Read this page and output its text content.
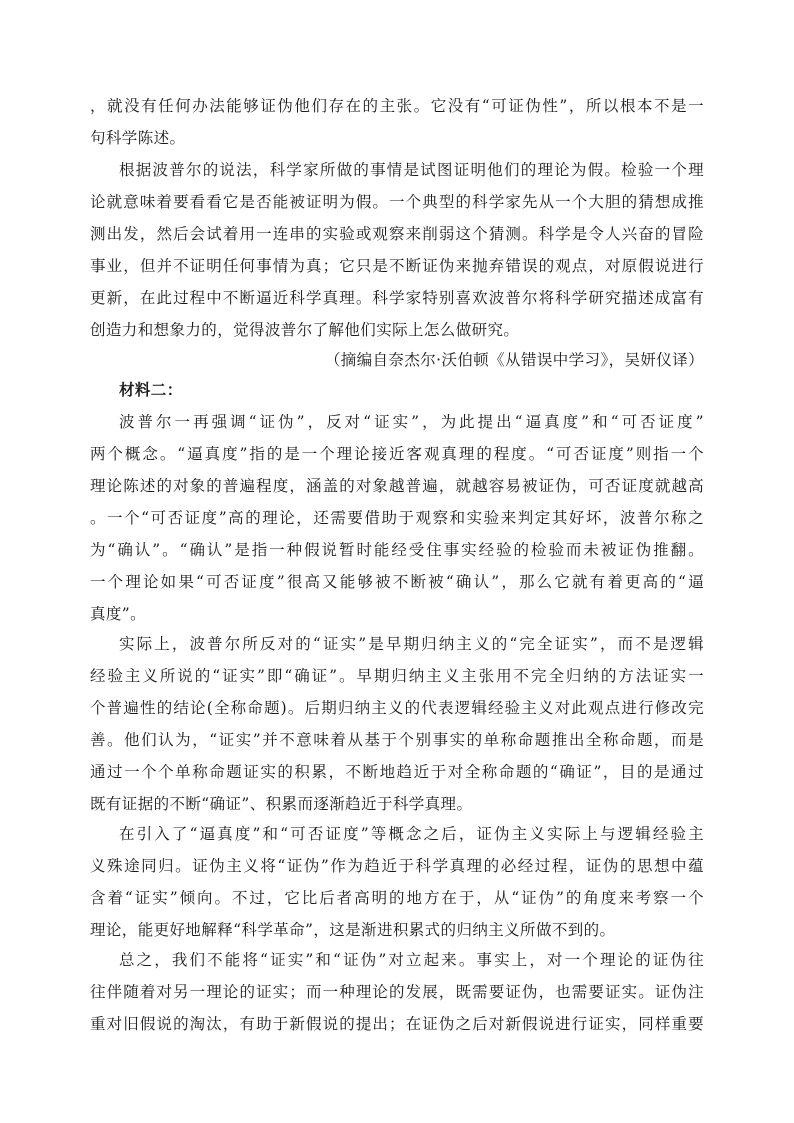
，就没有任何办法能够证伪他们存在的主张。它没有“可证伪性”，所以根本不是一
句科学陈述。
根据波普尔的说法，科学家所做的事情是试图证明他们的理论为假。检验一个理
论就意味着要看看它是否能被证明为假。一个典型的科学家先从一个大胆的猜想成推
测出发，然后会试着用一连串的实验或观察来削弱这个猜测。科学是令人兴奋的冒险
事业，但并不证明任何事情为真；它只是不断证伪来抛弃错误的观点，对原假说进行
更新，在此过程中不断逼近科学真理。科学家特别喜欢波普尔将科学研究描述成富有
创造力和想象力的，觉得波普尔了解他们实际上怎么做研究。
（摘编自奈杰尔·沃伯顿《从错误中学习》，吴妍仪译）
材料二：
波普尔一再强调“证伪”，反对“证实”，为此提出“逼真度”和“可否证度”
两个概念。“逼真度”指的是一个理论接近客观真理的程度。“可否证度”则指一个
理论陈述的对象的普遍程度，涵盖的对象越普遍，就越容易被证伪，可否证度就越高
。一个“可否证度”高的理论，还需要借助于观察和实验来判定其好坏，波普尔称之
为“确认”。“确认”是指一种假说暂时能经受住事实经验的检验而未被证伪推翻。
一个理论如果“可否证度”很高又能够被不断被“确认”，那么它就有着更高的“逼
真度”。
实际上，波普尔所反对的“证实”是早期归纳主义的“完全证实”，而不是逻辑
经验主义所说的“证实”即“确证”。早期归纳主义主张用不完全归纳的方法证实一
个普遍性的结论(全称命题)。后期归纳主义的代表逻辑经验主义对此观点进行修改完
善。他们认为，“证实”并不意味着从基于个别事实的单称命题推出全称命题，而是
通过一个个单称命题证实的积累，不断地趋近于对全称命题的“确证”，目的是通过
既有证据的不断“确证”、积累而逐渐趋近于科学真理。
在引入了“逼真度”和“可否证度”等概念之后，证伪主义实际上与逻辑经验主
义殊途同归。证伪主义将“证伪”作为趋近于科学真理的必经过程，证伪的思想中蕴
含着“证实”倾向。不过，它比后者高明的地方在于，从“证伪”的角度来考察一个
理论，能更好地解释“科学革命”，这是渐进积累式的归纳主义所做不到的。
总之，我们不能将“证实”和“证伪”对立起来。事实上，对一个理论的证伪往
往伴随着对另一理论的证实；而一种理论的发展，既需要证伪，也需要证实。证伪注
重对旧假说的淘汰，有助于新假说的提出；在证伪之后对新假说进行证实，同样重要
